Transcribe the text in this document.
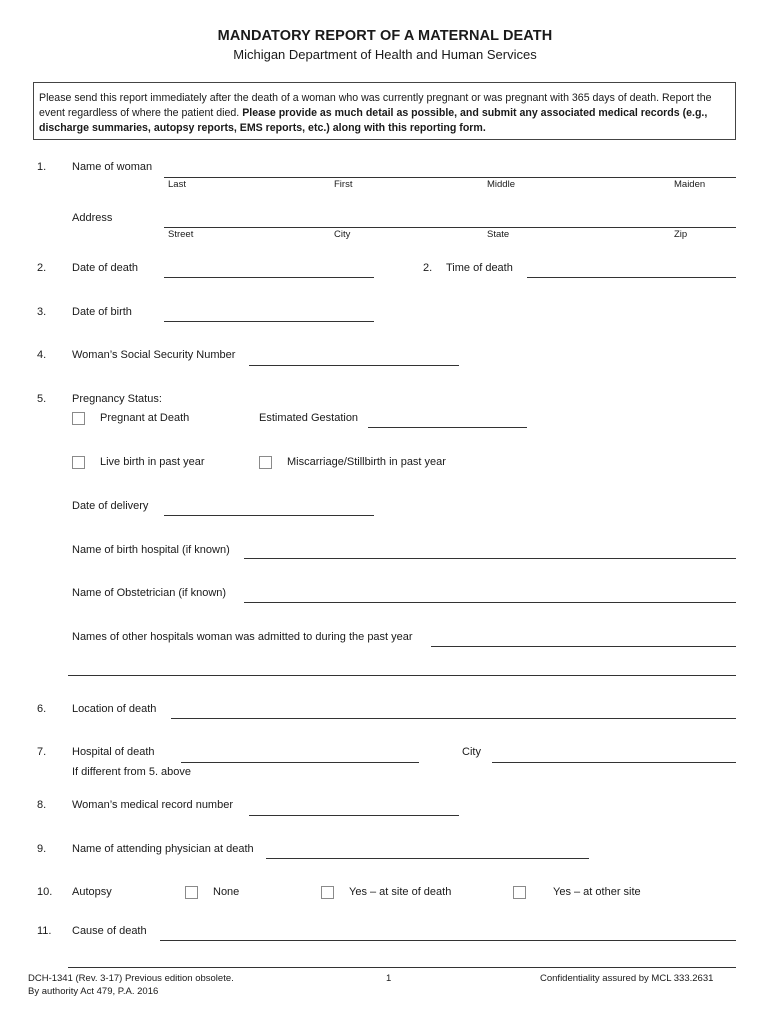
MANDATORY REPORT OF A MATERNAL DEATH
Michigan Department of Health and Human Services
Please send this report immediately after the death of a woman who was currently pregnant or was pregnant with 365 days of death. Report the event regardless of where the patient died. Please provide as much detail as possible, and submit any associated medical records (e.g., discharge summaries, autopsy reports, EMS reports, etc.) along with this reporting form.
1. Name of woman
Last	First	Middle	Maiden
Address
Street	City	State	Zip
2. Date of death	2. Time of death
3. Date of birth
4. Woman’s Social Security Number
5. Pregnancy Status:
Pregnant at Death	Estimated Gestation
Live birth in past year	Miscarriage/Stillbirth in past year
Date of delivery
Name of birth hospital (if known)
Name of Obstetrician (if known)
Names of other hospitals woman was admitted to during the past year
6. Location of death
7. Hospital of death	City
If different from 5. above
8. Woman’s medical record number
9. Name of attending physician at death
10. Autopsy	None	Yes – at site of death	Yes – at other site
11. Cause of death
DCH-1341 (Rev. 3-17) Previous edition obsolete.
By authority Act 479, P.A. 2016
1	Confidentiality assured by MCL 333.2631
